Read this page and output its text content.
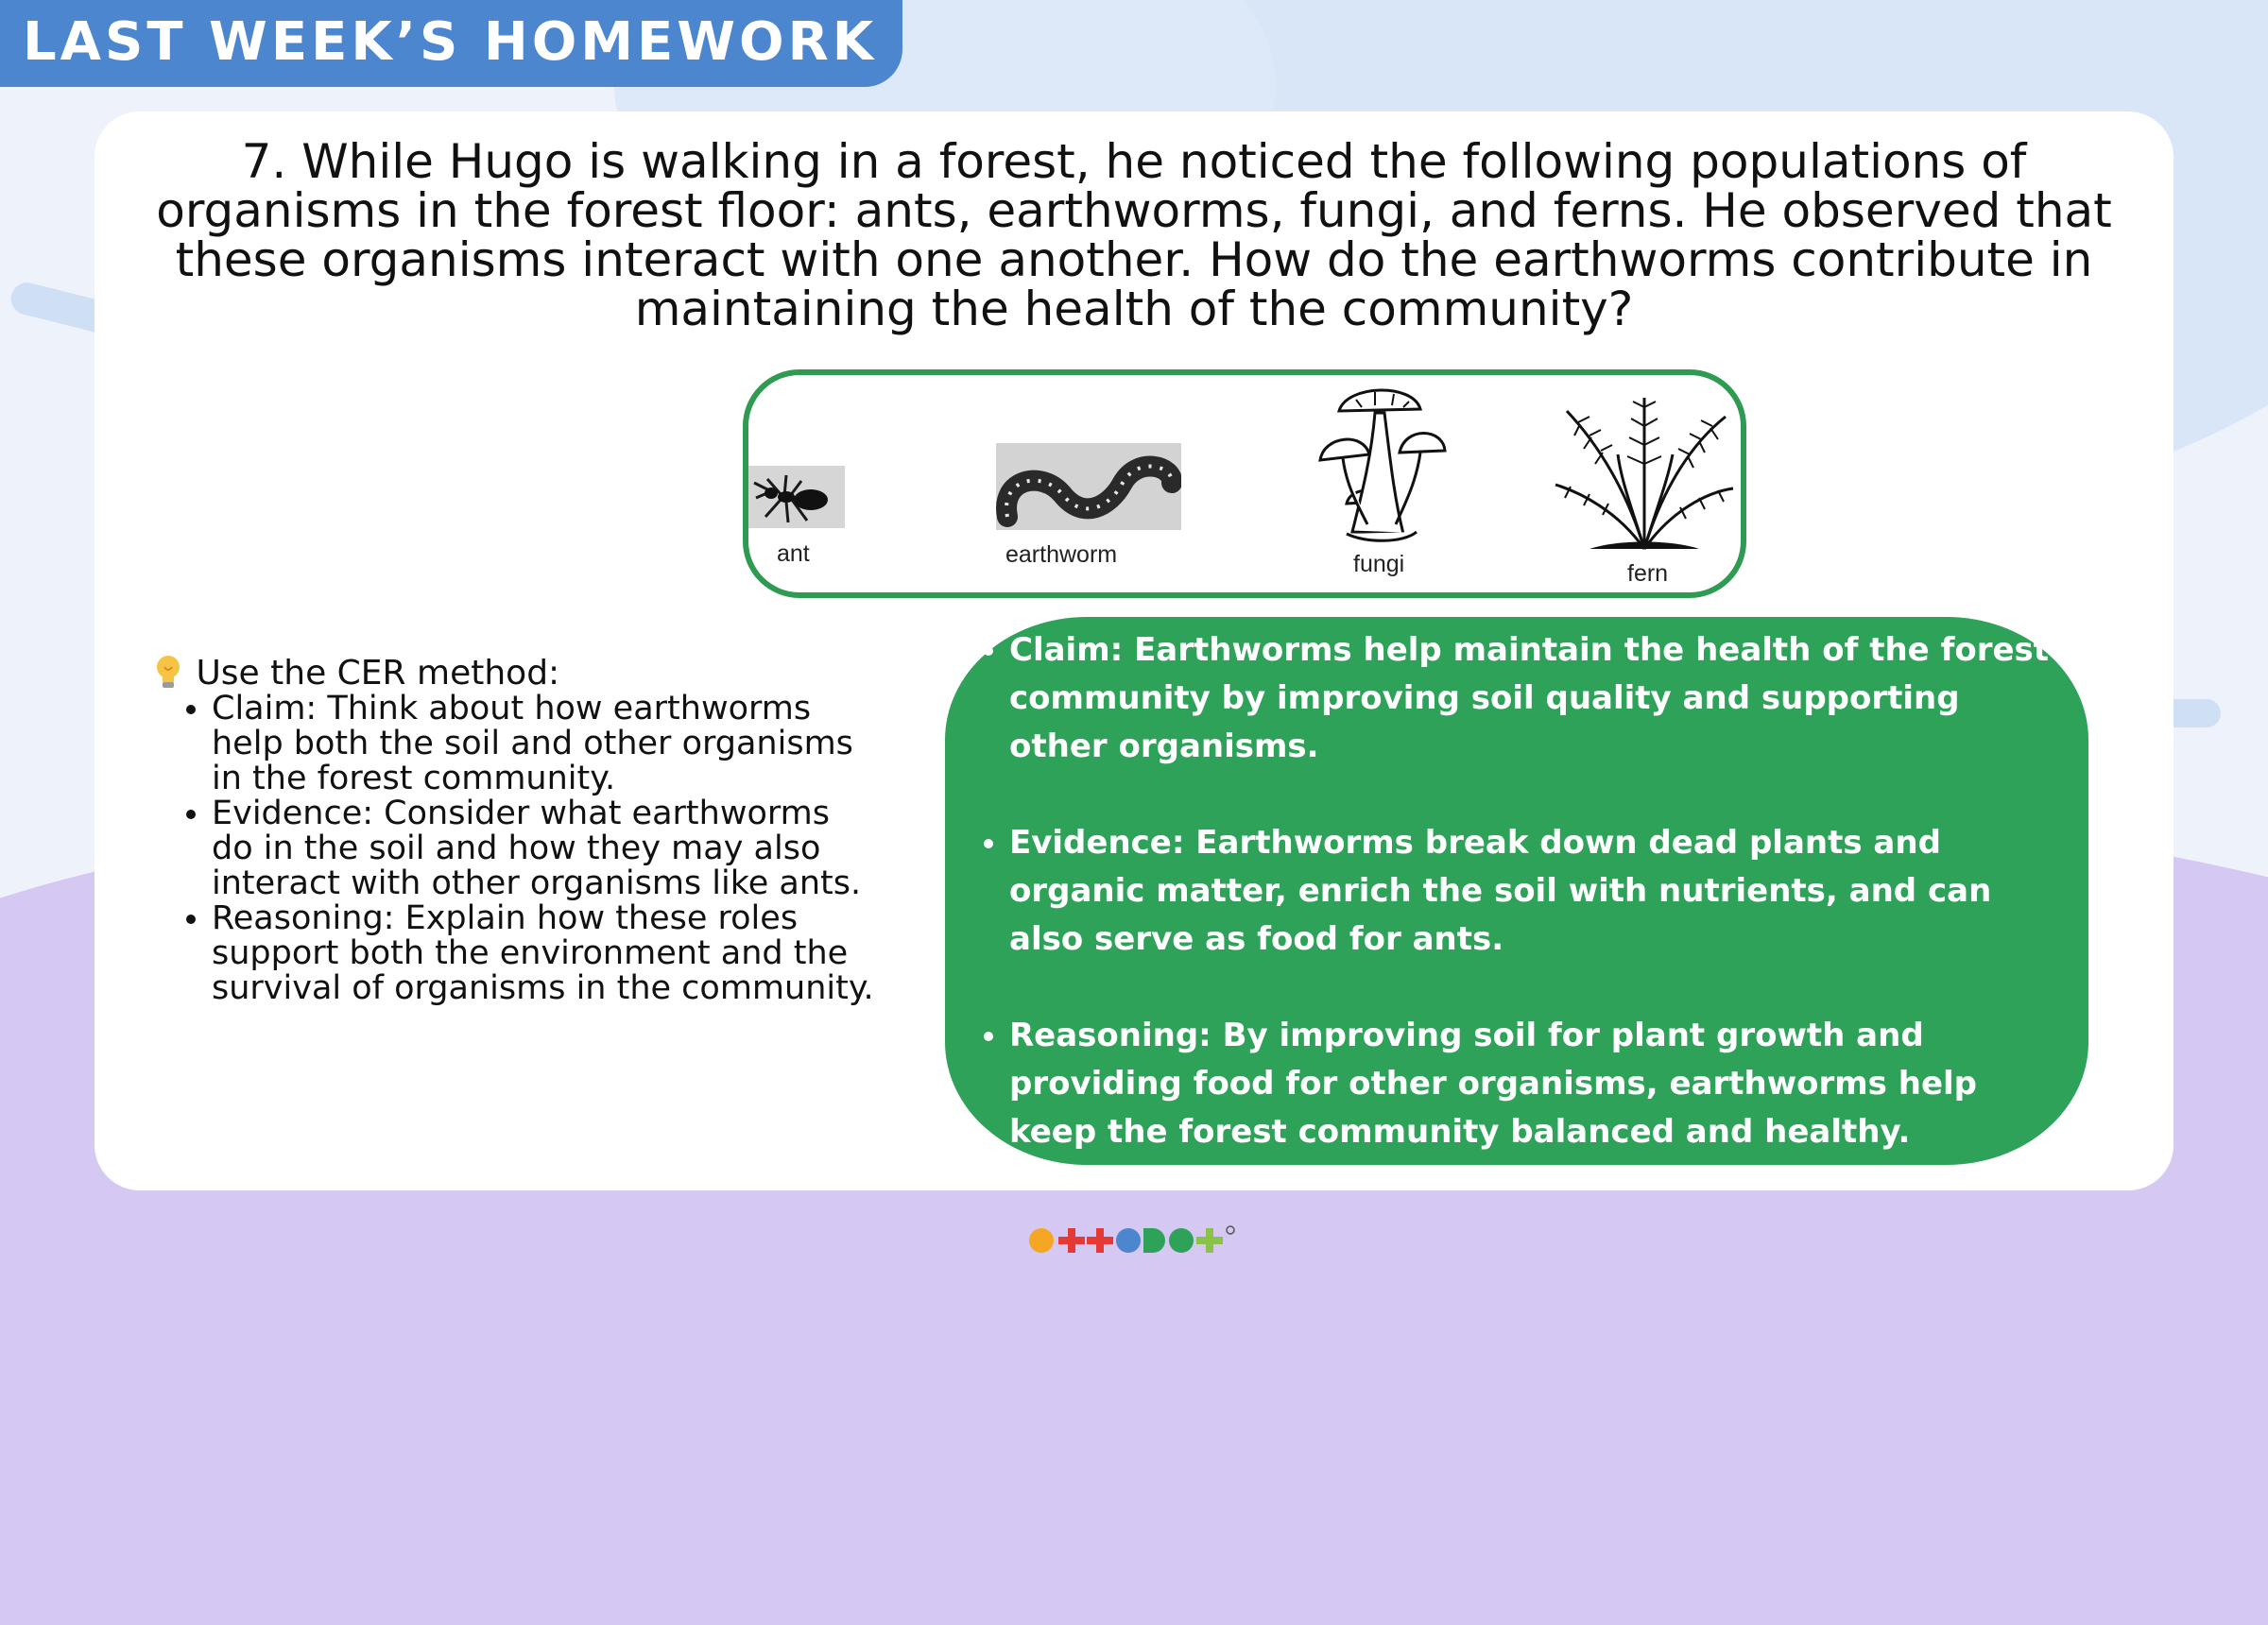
LAST WEEK’S HOMEWORK

7. While Hugo is walking in a forest, he noticed the following populations of organisms in the forest floor: ants, earthworms, fungi, and ferns. He observed that these organisms interact with one another. How do the earthworms contribute in maintaining the health of the community?

ant	earthworm	fungi	fern
Use the CER method:
• Claim: Think about how earthworms help both the soil and other organisms in the forest community.
• Evidence: Consider what earthworms do in the soil and how they may also interact with other organisms like ants.
• Reasoning: Explain how these roles support both the environment and the survival of organisms in the community.
• Claim: Earthworms help maintain the health of the forest community by improving soil quality and supporting other organisms.
• Evidence: Earthworms break down dead plants and organic matter, enrich the soil with nutrients, and can also serve as food for ants.
• Reasoning: By improving soil for plant growth and providing food for other organisms, earthworms help keep the forest community balanced and healthy.
